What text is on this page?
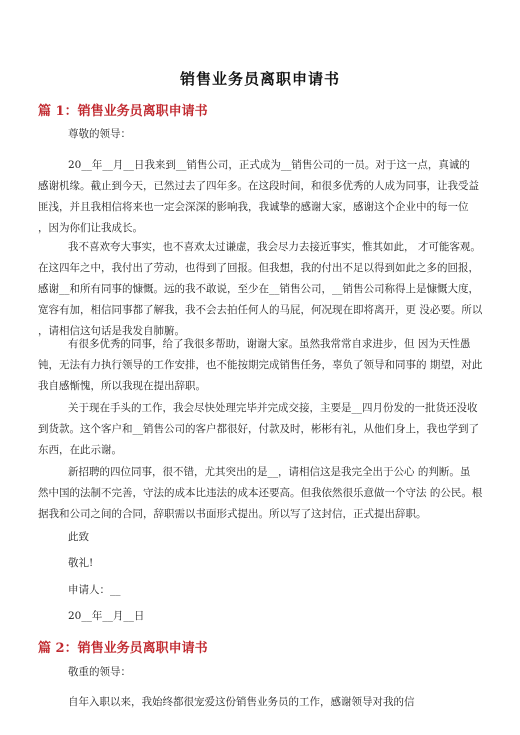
销售业务员离职申请书
篇 1：销售业务员离职申请书
尊敬的领导：
20__年__月__日我来到__销售公司，正式成为__销售公司的一员。对于这一点，真诚的
感谢机缘。截止到今天，已然过去了四年多。在这段时间，和很多优秀的人成为同事，让我受益
匪浅，并且我相信将来也一定会深深的影响我，我诚挚的感谢大家，感谢这个企业中的每一位
，因为你们让我成长。
我不喜欢夸大事实，也不喜欢太过谦虚，我会尽力去接近事实，惟其如此， 才可能客观。
在这四年之中，我付出了劳动，也得到了回报。但我想，我的付出不足以得到如此之多的回报，
感谢__和所有同事的慷慨。远的我不敢说，至少在__销售公司，__销售公司称得上是慷慨大度，
宽容有加，相信同事都了解我，我不会去拍任何人的马屁，何况现在即将离开，更 没必要。所以
，请相信这句话是我发自肺腑。
有很多优秀的同事，给了我很多帮助，谢谢大家。虽然我常常自求进步，但 因为天性愚
钝，无法有力执行领导的工作安排，也不能按期完成销售任务，辜负了领导和同事的 期望，对此
我自感惭愧，所以我现在提出辞职。
关于现在手头的工作，我会尽快处理完毕并完成交接，主要是__四月份发的一批货还没收
到货款。这个客户和__销售公司的客户都很好，付款及时，彬彬有礼，从他们身上，我也学到了
东西，在此示谢。
新招聘的四位同事，很不错，尤其突出的是__，请相信这是我完全出于公心 的判断。虽
然中国的法制不完善，守法的成本比违法的成本还要高。但我依然很乐意做一个守法 的公民。根
据我和公司之间的合同，辞职需以书面形式提出。所以写了这封信，正式提出辞职。
此致
敬礼!
申请人：__
20__年__月__日
篇 2：销售业务员离职申请书
敬重的领导：
自年入职以来，我始终都很宠爱这份销售业务员的工作，感谢领导对我的信
